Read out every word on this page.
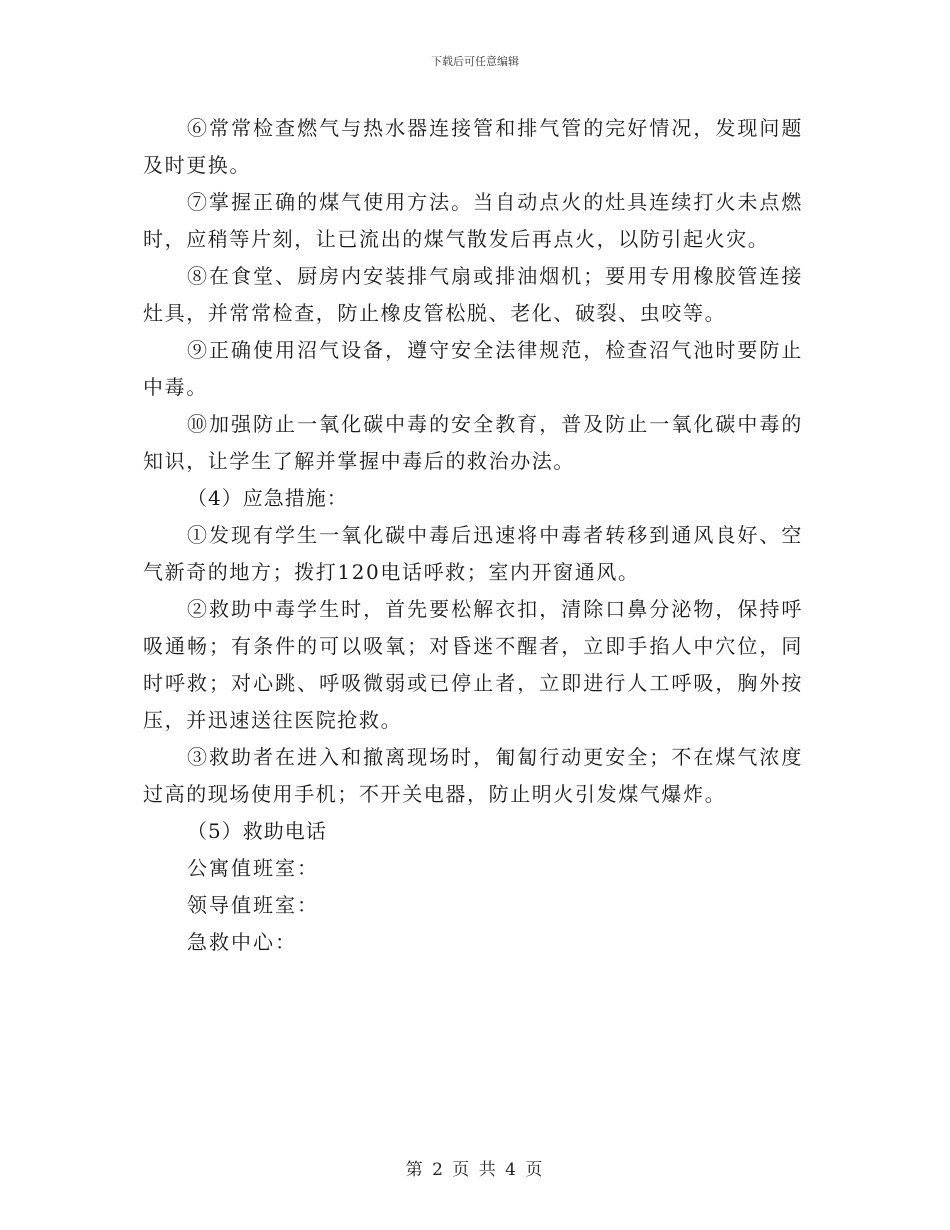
下载后可任意编辑

⑥常常检查燃气与热水器连接管和排气管的完好情况，发现问题及时更换。

⑦掌握正确的煤气使用方法。当自动点火的灶具连续打火未点燃时，应稍等片刻，让已流出的煤气散发后再点火，以防引起火灾。

⑧在食堂、厨房内安装排气扇或排油烟机；要用专用橡胶管连接灶具，并常常检查，防止橡皮管松脱、老化、破裂、虫咬等。

⑨正确使用沼气设备，遵守安全法律规范，检查沼气池时要防止中毒。

⑩加强防止一氧化碳中毒的安全教育，普及防止一氧化碳中毒的知识，让学生了解并掌握中毒后的救治办法。

（4）应急措施：

①发现有学生一氧化碳中毒后迅速将中毒者转移到通风良好、空气新奇的地方；拨打120电话呼救；室内开窗通风。

②救助中毒学生时，首先要松解衣扣，清除口鼻分泌物，保持呼吸通畅；有条件的可以吸氧；对昏迷不醒者，立即手掐人中穴位，同时呼救；对心跳、呼吸微弱或已停止者，立即进行人工呼吸，胸外按压，并迅速送往医院抢救。

③救助者在进入和撤离现场时，匍匐行动更安全；不在煤气浓度过高的现场使用手机；不开关电器，防止明火引发煤气爆炸。

（5）救助电话

公寓值班室：

领导值班室：

急救中心：

第 2 页 共 4 页
